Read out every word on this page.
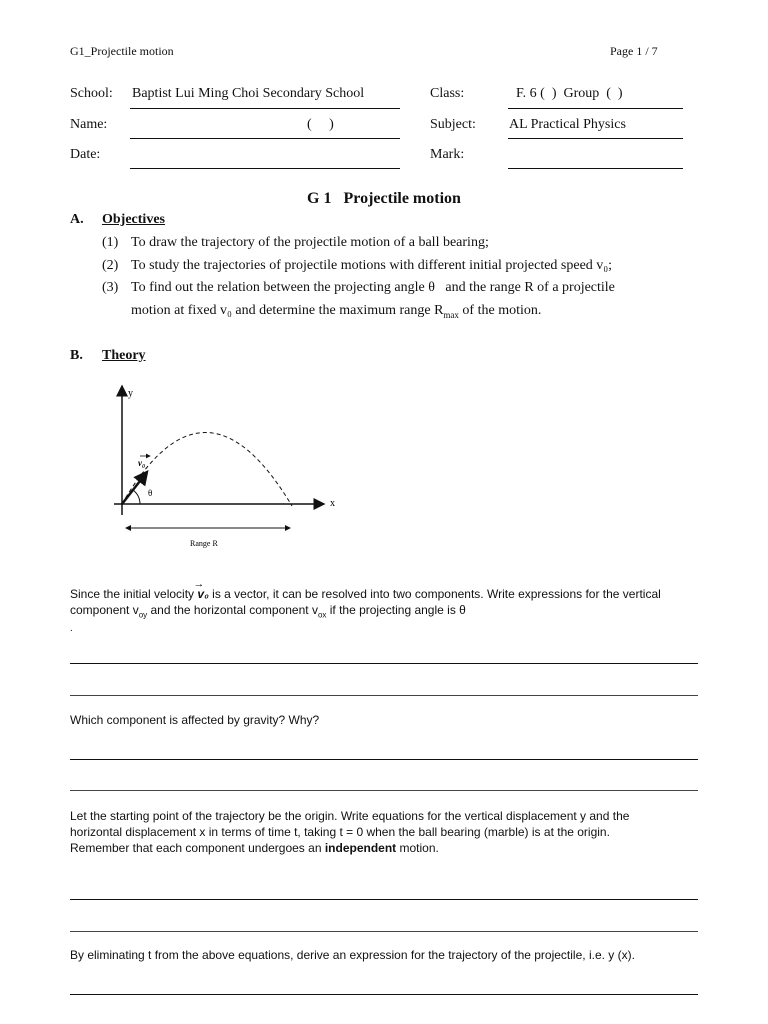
G1_Projectile motion	Page 1 / 7
School: Baptist Lui Ming Choi Secondary School	Class:	F. 6 (  )  Group  (  )
Name:	(     )	Subject: AL Practical Physics
Date:	Mark:
G 1   Projectile motion
A. Objectives
(1) To draw the trajectory of the projectile motion of a ball bearing;
(2) To study the trajectories of projectile motions with different initial projected speed v₀;
(3) To find out the relation between the projecting angle θ   and the range R of a projectile
motion at fixed v₀ and determine the maximum range $R_{max}$ of the motion.
B. Theory
y
x
v₀
θ
Range R
Since the initial velocity v₀
→
is a vector, it can be resolved into two components. Write expressions for the vertical
component $v_{oy}$ and the horizontal component $v_{ox}$ if the projecting angle is θ
.
Which component is affected by gravity? Why?
Let the starting point of the trajectory be the origin. Write equations for the vertical displacement y and the
horizontal displacement x in terms of time t, taking t = 0 when the ball bearing (marble) is at the origin.
Remember that each component undergoes an independent motion.
By eliminating t from the above equations, derive an expression for the trajectory of the projectile, i.e. y (x).
